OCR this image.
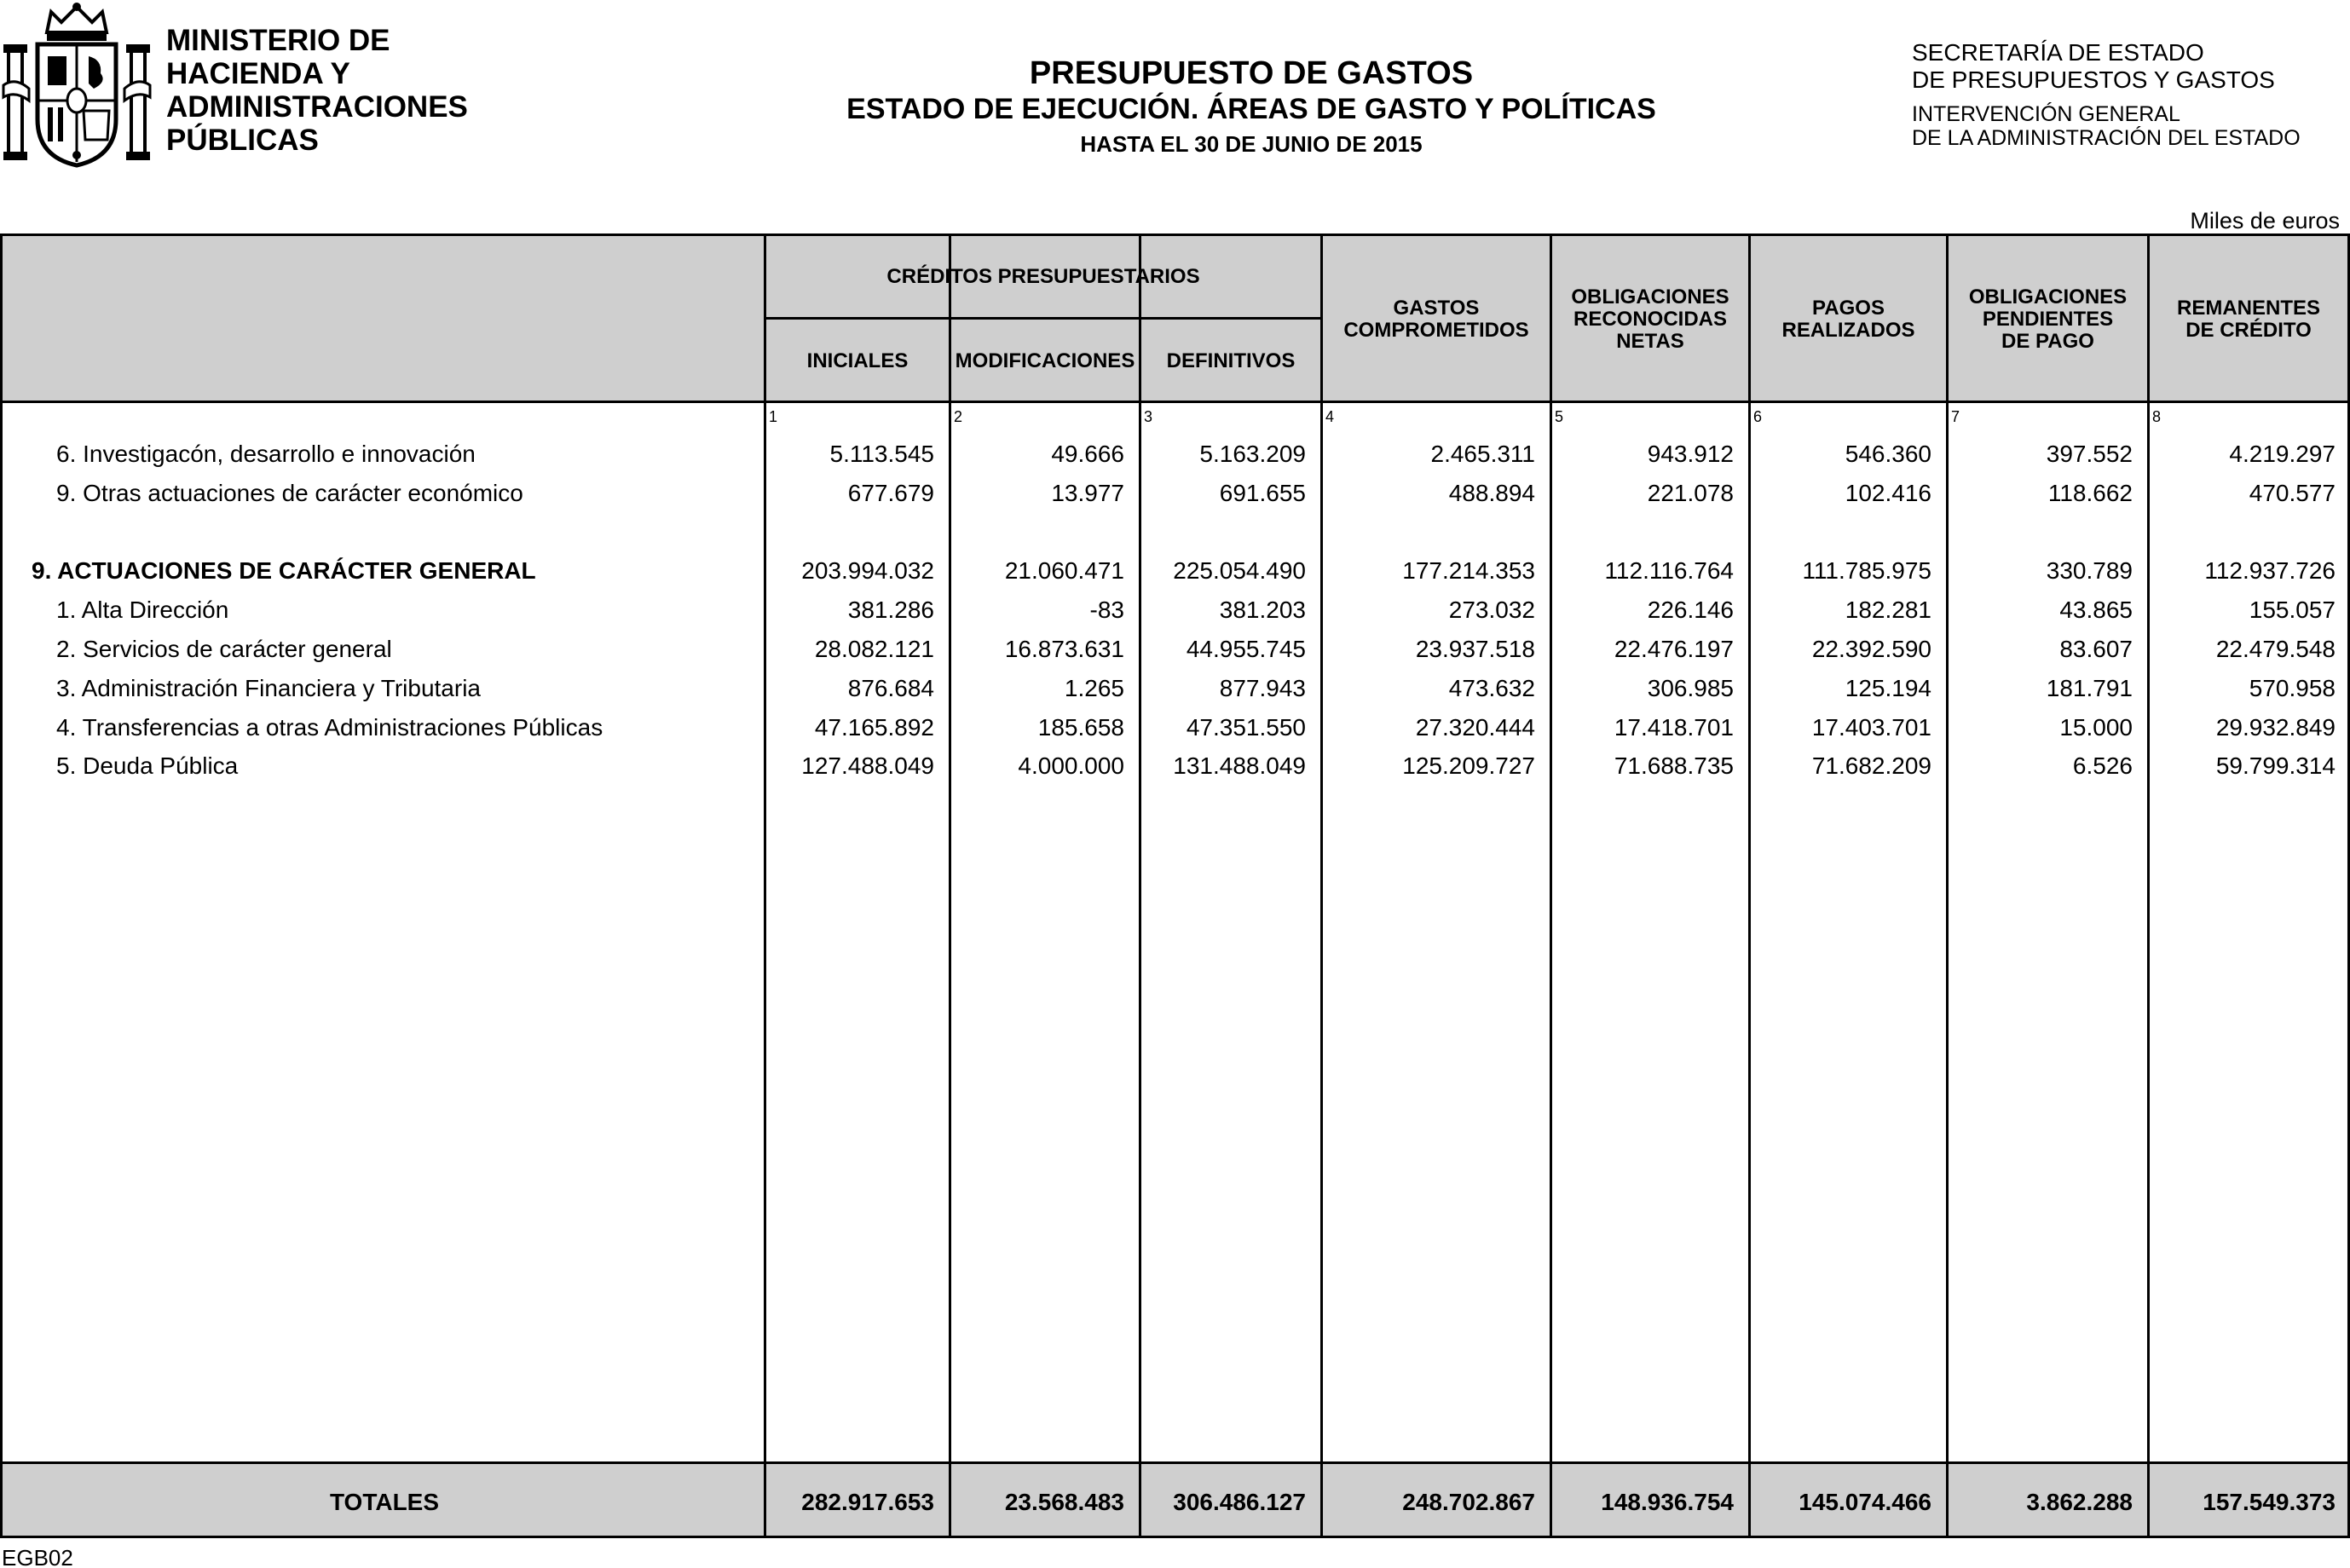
MINISTERIO DE
HACIENDA Y
ADMINISTRACIONES
PÚBLICAS
PRESUPUESTO DE GASTOS
ESTADO DE EJECUCIÓN. ÁREAS DE GASTO Y POLÍTICAS
HASTA EL 30 DE JUNIO DE 2015
SECRETARÍA DE ESTADO
DE PRESUPUESTOS Y GASTOS
INTERVENCIÓN GENERAL
DE LA ADMINISTRACIÓN DEL ESTADO
Miles de euros
CRÉDITOS PRESUPUESTARIOS
INICIALES	MODIFICACIONES	DEFINITIVOS
GASTOS
COMPROMETIDOS
OBLIGACIONES
RECONOCIDAS
NETAS
PAGOS
REALIZADOS
OBLIGACIONES
PENDIENTES
DE PAGO
REMANENTES
DE CRÉDITO
1	2	3	4	5	6	7	8
6. Investigacón, desarrollo e innovación	5.113.545	49.666	5.163.209	2.465.311	943.912	546.360	397.552	4.219.297
9. Otras actuaciones de carácter económico	677.679	13.977	691.655	488.894	221.078	102.416	118.662	470.577
9. ACTUACIONES DE CARÁCTER GENERAL	203.994.032	21.060.471	225.054.490	177.214.353	112.116.764	111.785.975	330.789	112.937.726
1. Alta Dirección	381.286	-83	381.203	273.032	226.146	182.281	43.865	155.057
2. Servicios de carácter general	28.082.121	16.873.631	44.955.745	23.937.518	22.476.197	22.392.590	83.607	22.479.548
3. Administración Financiera y Tributaria	876.684	1.265	877.943	473.632	306.985	125.194	181.791	570.958
4. Transferencias a otras Administraciones Públicas	47.165.892	185.658	47.351.550	27.320.444	17.418.701	17.403.701	15.000	29.932.849
5. Deuda Pública	127.488.049	4.000.000	131.488.049	125.209.727	71.688.735	71.682.209	6.526	59.799.314
TOTALES	282.917.653	23.568.483	306.486.127	248.702.867	148.936.754	145.074.466	3.862.288	157.549.373
EGB02
